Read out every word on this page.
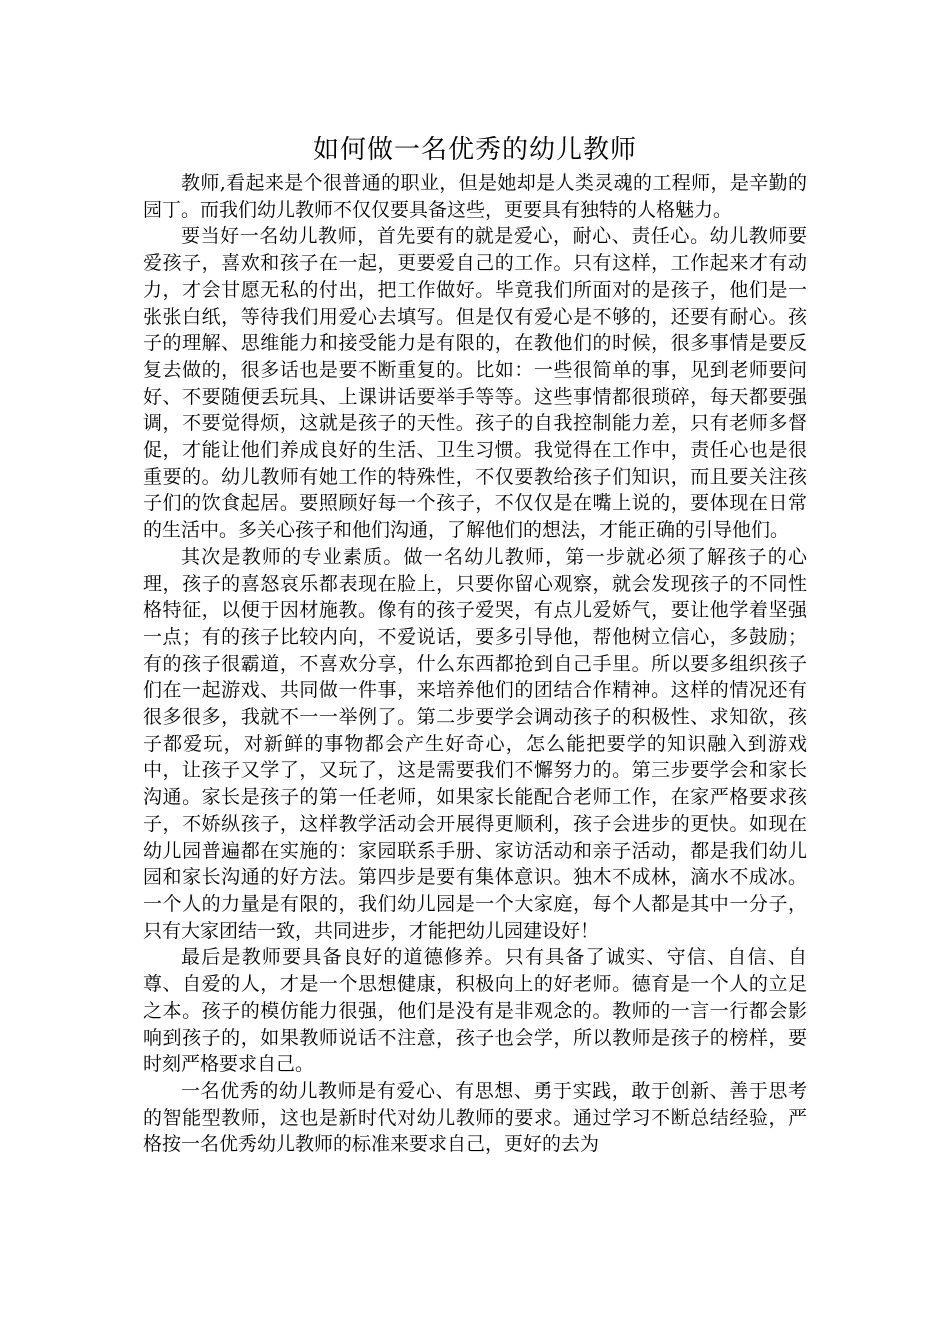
如何做一名优秀的幼儿教师

教师,看起来是个很普通的职业，但是她却是人类灵魂的工程师，是辛勤的园丁。而我们幼儿教师不仅仅要具备这些，更要具有独特的人格魅力。

要当好一名幼儿教师，首先要有的就是爱心，耐心、责任心。幼儿教师要爱孩子，喜欢和孩子在一起，更要爱自己的工作。只有这样，工作起来才有动力，才会甘愿无私的付出，把工作做好。毕竟我们所面对的是孩子，他们是一张张白纸，等待我们用爱心去填写。但是仅有爱心是不够的，还要有耐心。孩子的理解、思维能力和接受能力是有限的，在教他们的时候，很多事情是要反复去做的，很多话也是要不断重复的。比如：一些很简单的事，见到老师要问好、不要随便丢玩具、上课讲话要举手等等。这些事情都很琐碎，每天都要强调，不要觉得烦，这就是孩子的天性。孩子的自我控制能力差，只有老师多督促，才能让他们养成良好的生活、卫生习惯。我觉得在工作中，责任心也是很重要的。幼儿教师有她工作的特殊性，不仅要教给孩子们知识，而且要关注孩子们的饮食起居。要照顾好每一个孩子，不仅仅是在嘴上说的，要体现在日常的生活中。多关心孩子和他们沟通，了解他们的想法，才能正确的引导他们。

其次是教师的专业素质。做一名幼儿教师，第一步就必须了解孩子的心理，孩子的喜怒哀乐都表现在脸上，只要你留心观察，就会发现孩子的不同性格特征，以便于因材施教。像有的孩子爱哭，有点儿爱娇气，要让他学着坚强一点；有的孩子比较内向，不爱说话，要多引导他，帮他树立信心，多鼓励；有的孩子很霸道，不喜欢分享，什么东西都抢到自己手里。所以要多组织孩子们在一起游戏、共同做一件事，来培养他们的团结合作精神。这样的情况还有很多很多，我就不一一举例了。第二步要学会调动孩子的积极性、求知欲，孩子都爱玩，对新鲜的事物都会产生好奇心，怎么能把要学的知识融入到游戏中，让孩子又学了，又玩了，这是需要我们不懈努力的。第三步要学会和家长沟通。家长是孩子的第一任老师，如果家长能配合老师工作，在家严格要求孩子，不娇纵孩子，这样教学活动会开展得更顺利，孩子会进步的更快。如现在幼儿园普遍都在实施的：家园联系手册、家访活动和亲子活动，都是我们幼儿园和家长沟通的好方法。第四步是要有集体意识。独木不成林，滴水不成冰。一个人的力量是有限的，我们幼儿园是一个大家庭，每个人都是其中一分子，只有大家团结一致，共同进步，才能把幼儿园建设好！

最后是教师要具备良好的道德修养。只有具备了诚实、守信、自信、自尊、自爱的人，才是一个思想健康，积极向上的好老师。德育是一个人的立足之本。孩子的模仿能力很强，他们是没有是非观念的。教师的一言一行都会影响到孩子的，如果教师说话不注意，孩子也会学，所以教师是孩子的榜样，要时刻严格要求自己。

一名优秀的幼儿教师是有爱心、有思想、勇于实践，敢于创新、善于思考的智能型教师，这也是新时代对幼儿教师的要求。通过学习不断总结经验，严格按一名优秀幼儿教师的标准来要求自己，更好的去为
